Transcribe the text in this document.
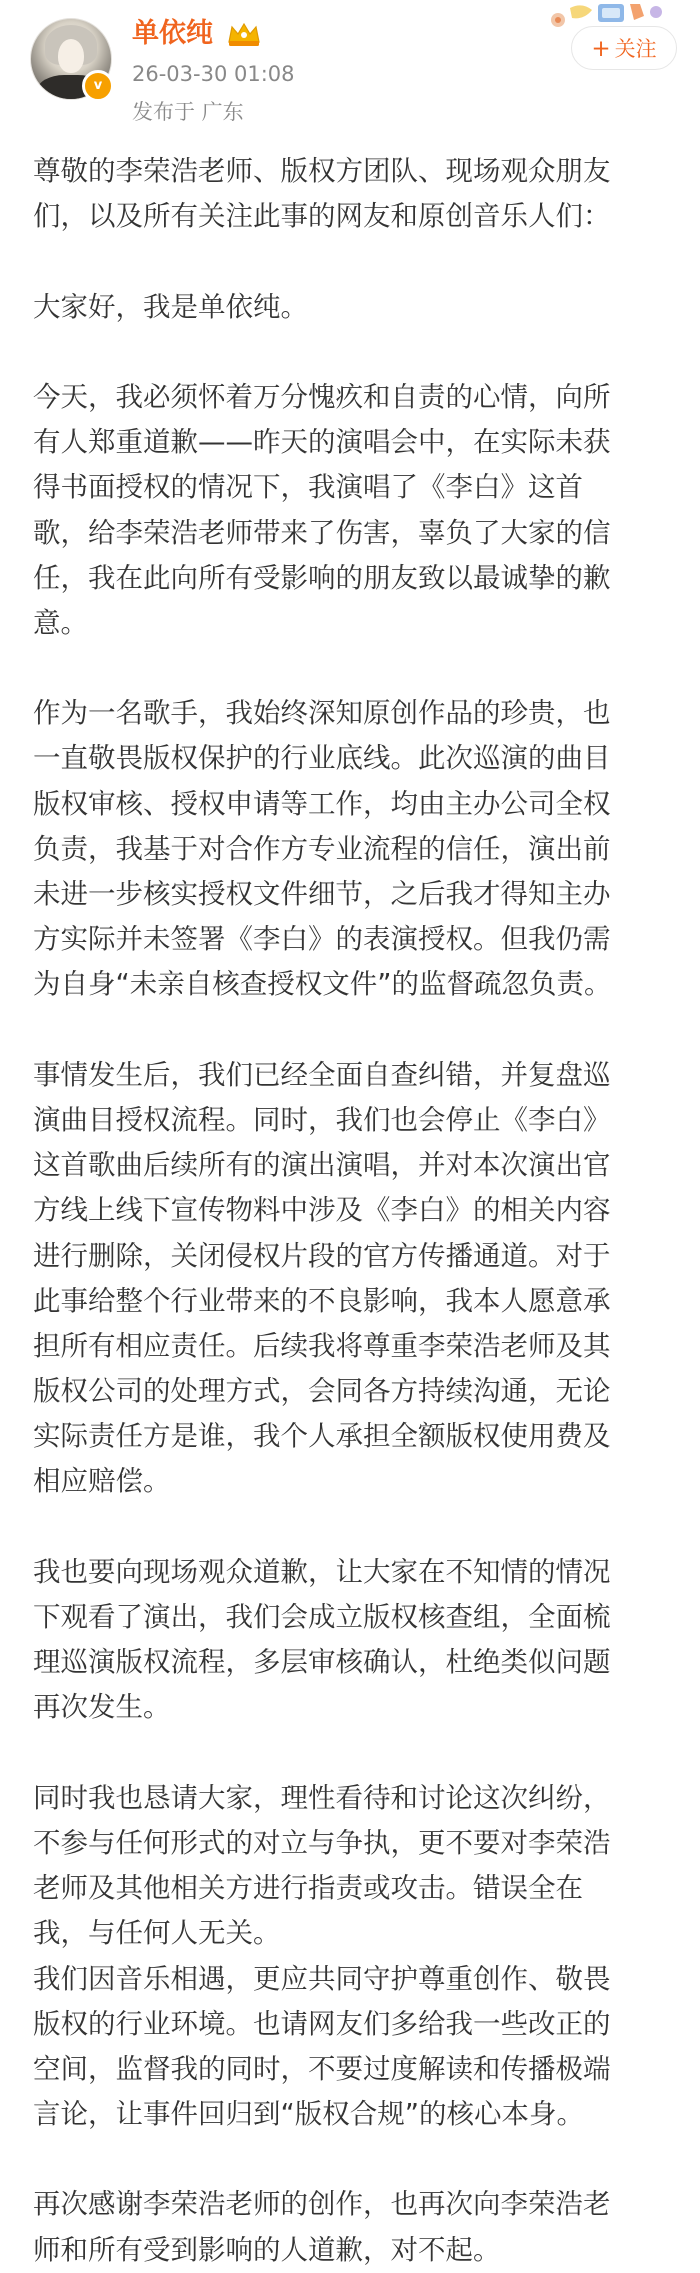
v
单依纯
26-03-30 01:08
发布于 广东
+ 关注
尊敬的李荣浩老师、版权方团队、现场观众朋友
们，以及所有关注此事的网友和原创音乐人们：
大家好，我是单依纯。
今天，我必须怀着万分愧疚和自责的心情，向所
有人郑重道歉——昨天的演唱会中，在实际未获
得书面授权的情况下，我演唱了《李白》这首
歌，给李荣浩老师带来了伤害，辜负了大家的信
任，我在此向所有受影响的朋友致以最诚挚的歉
意。
作为一名歌手，我始终深知原创作品的珍贵，也
一直敬畏版权保护的行业底线。此次巡演的曲目
版权审核、授权申请等工作，均由主办公司全权
负责，我基于对合作方专业流程的信任，演出前
未进一步核实授权文件细节，之后我才得知主办
方实际并未签署《李白》的表演授权。但我仍需
为自身“未亲自核查授权文件”的监督疏忽负责。
事情发生后，我们已经全面自查纠错，并复盘巡
演曲目授权流程。同时，我们也会停止《李白》
这首歌曲后续所有的演出演唱，并对本次演出官
方线上线下宣传物料中涉及《李白》的相关内容
进行删除，关闭侵权片段的官方传播通道。对于
此事给整个行业带来的不良影响，我本人愿意承
担所有相应责任。后续我将尊重李荣浩老师及其
版权公司的处理方式，会同各方持续沟通，无论
实际责任方是谁，我个人承担全额版权使用费及
相应赔偿。
我也要向现场观众道歉，让大家在不知情的情况
下观看了演出，我们会成立版权核查组，全面梳
理巡演版权流程，多层审核确认，杜绝类似问题
再次发生。
同时我也恳请大家，理性看待和讨论这次纠纷，
不参与任何形式的对立与争执，更不要对李荣浩
老师及其他相关方进行指责或攻击。错误全在
我，与任何人无关。
我们因音乐相遇，更应共同守护尊重创作、敬畏
版权的行业环境。也请网友们多给我一些改正的
空间，监督我的同时，不要过度解读和传播极端
言论，让事件回归到“版权合规”的核心本身。
再次感谢李荣浩老师的创作，也再次向李荣浩老
师和所有受到影响的人道歉，对不起。
